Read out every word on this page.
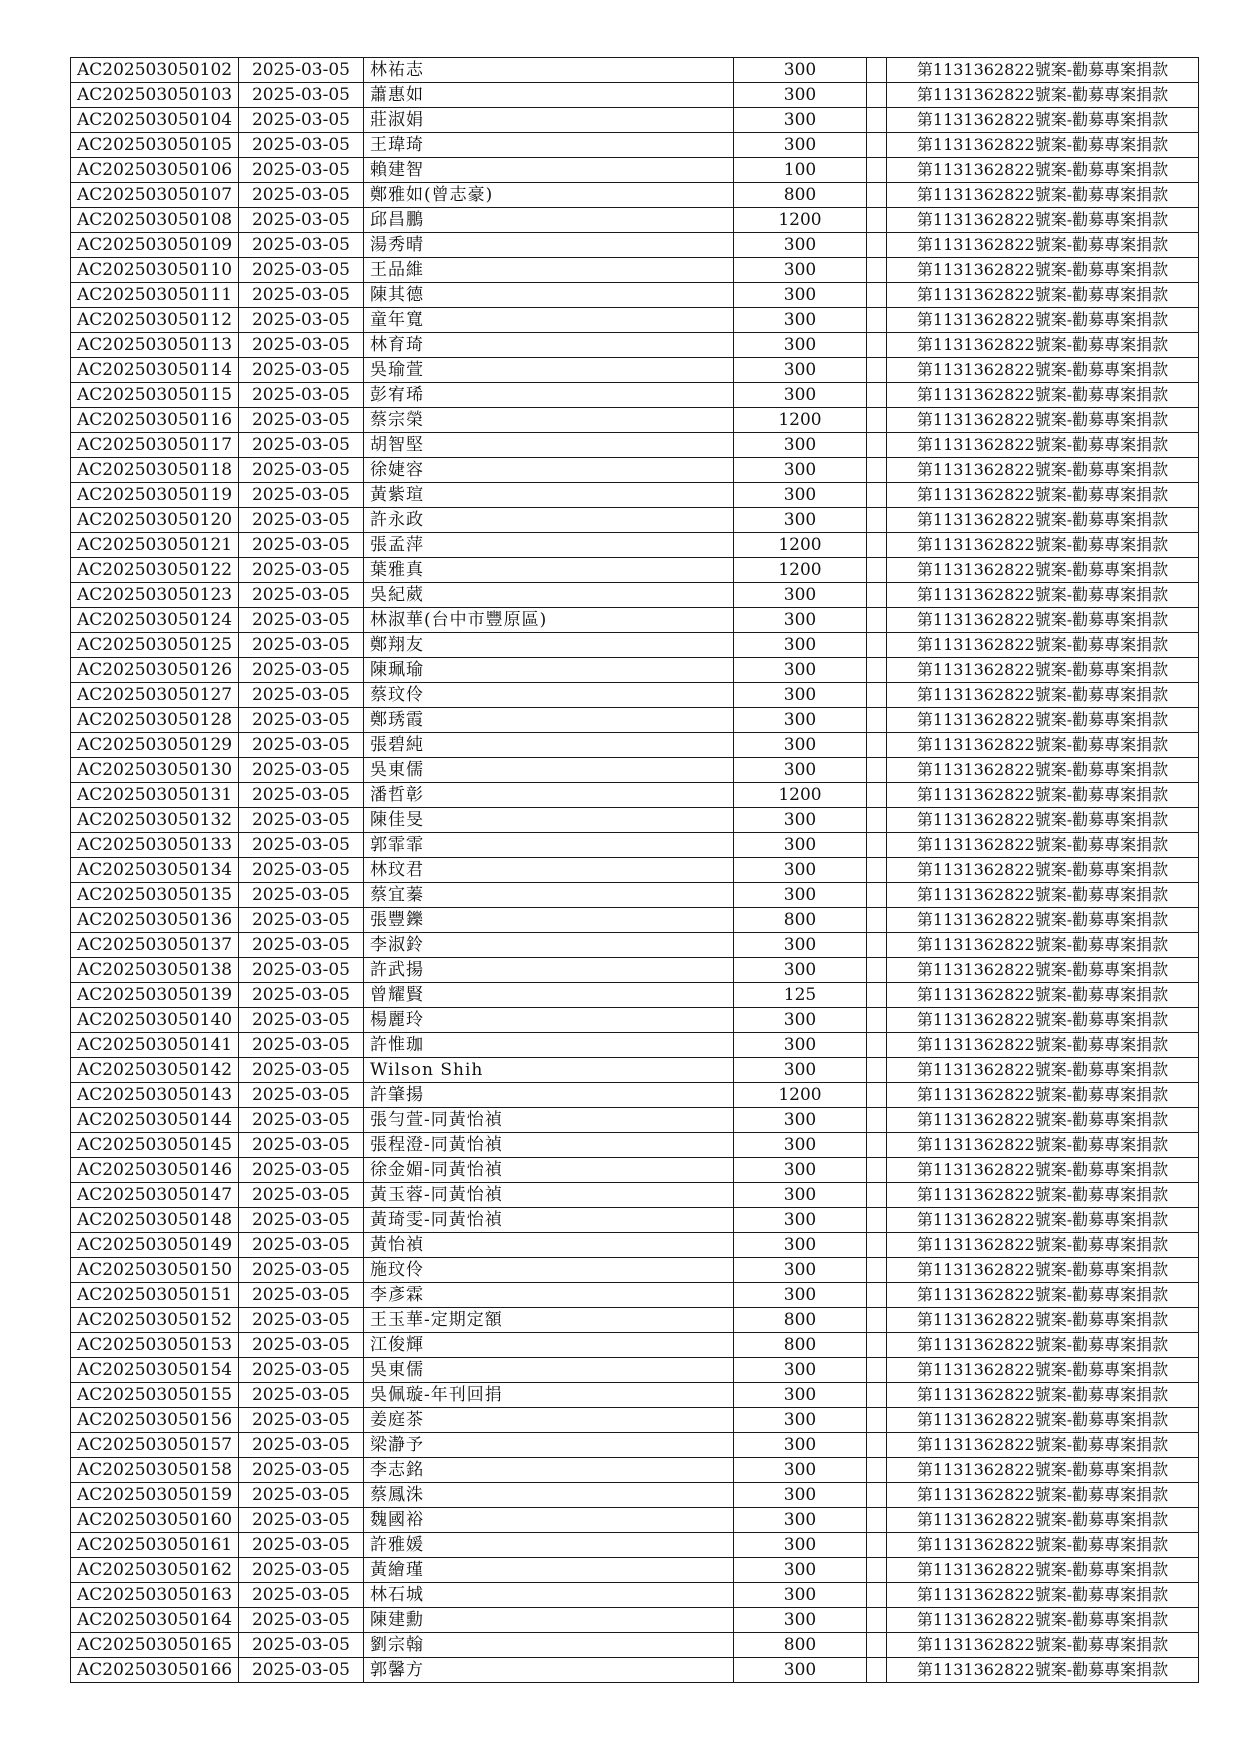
AC202503050102	2025-03-05	林祐志	300		第1131362822號案-勸募專案捐款
AC202503050103	2025-03-05	蕭惠如	300		第1131362822號案-勸募專案捐款
AC202503050104	2025-03-05	莊淑娟	300		第1131362822號案-勸募專案捐款
AC202503050105	2025-03-05	王瑋琦	300		第1131362822號案-勸募專案捐款
AC202503050106	2025-03-05	賴建智	100		第1131362822號案-勸募專案捐款
AC202503050107	2025-03-05	鄭雅如(曾志豪)	800		第1131362822號案-勸募專案捐款
AC202503050108	2025-03-05	邱昌鵬	1200		第1131362822號案-勸募專案捐款
AC202503050109	2025-03-05	湯秀晴	300		第1131362822號案-勸募專案捐款
AC202503050110	2025-03-05	王品維	300		第1131362822號案-勸募專案捐款
AC202503050111	2025-03-05	陳其德	300		第1131362822號案-勸募專案捐款
AC202503050112	2025-03-05	童年寬	300		第1131362822號案-勸募專案捐款
AC202503050113	2025-03-05	林育琦	300		第1131362822號案-勸募專案捐款
AC202503050114	2025-03-05	吳瑜萱	300		第1131362822號案-勸募專案捐款
AC202503050115	2025-03-05	彭宥琋	300		第1131362822號案-勸募專案捐款
AC202503050116	2025-03-05	蔡宗榮	1200		第1131362822號案-勸募專案捐款
AC202503050117	2025-03-05	胡智堅	300		第1131362822號案-勸募專案捐款
AC202503050118	2025-03-05	徐婕容	300		第1131362822號案-勸募專案捐款
AC202503050119	2025-03-05	黃紫瑄	300		第1131362822號案-勸募專案捐款
AC202503050120	2025-03-05	許永政	300		第1131362822號案-勸募專案捐款
AC202503050121	2025-03-05	張孟萍	1200		第1131362822號案-勸募專案捐款
AC202503050122	2025-03-05	葉雅真	1200		第1131362822號案-勸募專案捐款
AC202503050123	2025-03-05	吳紀葳	300		第1131362822號案-勸募專案捐款
AC202503050124	2025-03-05	林淑華(台中市豐原區)	300		第1131362822號案-勸募專案捐款
AC202503050125	2025-03-05	鄭翔友	300		第1131362822號案-勸募專案捐款
AC202503050126	2025-03-05	陳珮瑜	300		第1131362822號案-勸募專案捐款
AC202503050127	2025-03-05	蔡玟伶	300		第1131362822號案-勸募專案捐款
AC202503050128	2025-03-05	鄭琇霞	300		第1131362822號案-勸募專案捐款
AC202503050129	2025-03-05	張碧純	300		第1131362822號案-勸募專案捐款
AC202503050130	2025-03-05	吳東儒	300		第1131362822號案-勸募專案捐款
AC202503050131	2025-03-05	潘哲彰	1200		第1131362822號案-勸募專案捐款
AC202503050132	2025-03-05	陳佳旻	300		第1131362822號案-勸募專案捐款
AC202503050133	2025-03-05	郭霏霏	300		第1131362822號案-勸募專案捐款
AC202503050134	2025-03-05	林玟君	300		第1131362822號案-勸募專案捐款
AC202503050135	2025-03-05	蔡宜蓁	300		第1131362822號案-勸募專案捐款
AC202503050136	2025-03-05	張豐鑠	800		第1131362822號案-勸募專案捐款
AC202503050137	2025-03-05	李淑鈴	300		第1131362822號案-勸募專案捐款
AC202503050138	2025-03-05	許武揚	300		第1131362822號案-勸募專案捐款
AC202503050139	2025-03-05	曾耀賢	125		第1131362822號案-勸募專案捐款
AC202503050140	2025-03-05	楊麗玲	300		第1131362822號案-勸募專案捐款
AC202503050141	2025-03-05	許惟珈	300		第1131362822號案-勸募專案捐款
AC202503050142	2025-03-05	Wilson Shih	300		第1131362822號案-勸募專案捐款
AC202503050143	2025-03-05	許肇揚	1200		第1131362822號案-勸募專案捐款
AC202503050144	2025-03-05	張勻萱-同黃怡禎	300		第1131362822號案-勸募專案捐款
AC202503050145	2025-03-05	張程澄-同黃怡禎	300		第1131362822號案-勸募專案捐款
AC202503050146	2025-03-05	徐金媚-同黃怡禎	300		第1131362822號案-勸募專案捐款
AC202503050147	2025-03-05	黃玉蓉-同黃怡禎	300		第1131362822號案-勸募專案捐款
AC202503050148	2025-03-05	黃琦雯-同黃怡禎	300		第1131362822號案-勸募專案捐款
AC202503050149	2025-03-05	黃怡禎	300		第1131362822號案-勸募專案捐款
AC202503050150	2025-03-05	施玟伶	300		第1131362822號案-勸募專案捐款
AC202503050151	2025-03-05	李彥霖	300		第1131362822號案-勸募專案捐款
AC202503050152	2025-03-05	王玉華-定期定額	800		第1131362822號案-勸募專案捐款
AC202503050153	2025-03-05	江俊輝	800		第1131362822號案-勸募專案捐款
AC202503050154	2025-03-05	吳東儒	300		第1131362822號案-勸募專案捐款
AC202503050155	2025-03-05	吳佩璇-年刊回捐	300		第1131362822號案-勸募專案捐款
AC202503050156	2025-03-05	姜庭茶	300		第1131362822號案-勸募專案捐款
AC202503050157	2025-03-05	梁瀞予	300		第1131362822號案-勸募專案捐款
AC202503050158	2025-03-05	李志銘	300		第1131362822號案-勸募專案捐款
AC202503050159	2025-03-05	蔡鳳洙	300		第1131362822號案-勸募專案捐款
AC202503050160	2025-03-05	魏國裕	300		第1131362822號案-勸募專案捐款
AC202503050161	2025-03-05	許雅媛	300		第1131362822號案-勸募專案捐款
AC202503050162	2025-03-05	黃繪瑾	300		第1131362822號案-勸募專案捐款
AC202503050163	2025-03-05	林石城	300		第1131362822號案-勸募專案捐款
AC202503050164	2025-03-05	陳建勳	300		第1131362822號案-勸募專案捐款
AC202503050165	2025-03-05	劉宗翰	800		第1131362822號案-勸募專案捐款
AC202503050166	2025-03-05	郭馨方	300		第1131362822號案-勸募專案捐款
